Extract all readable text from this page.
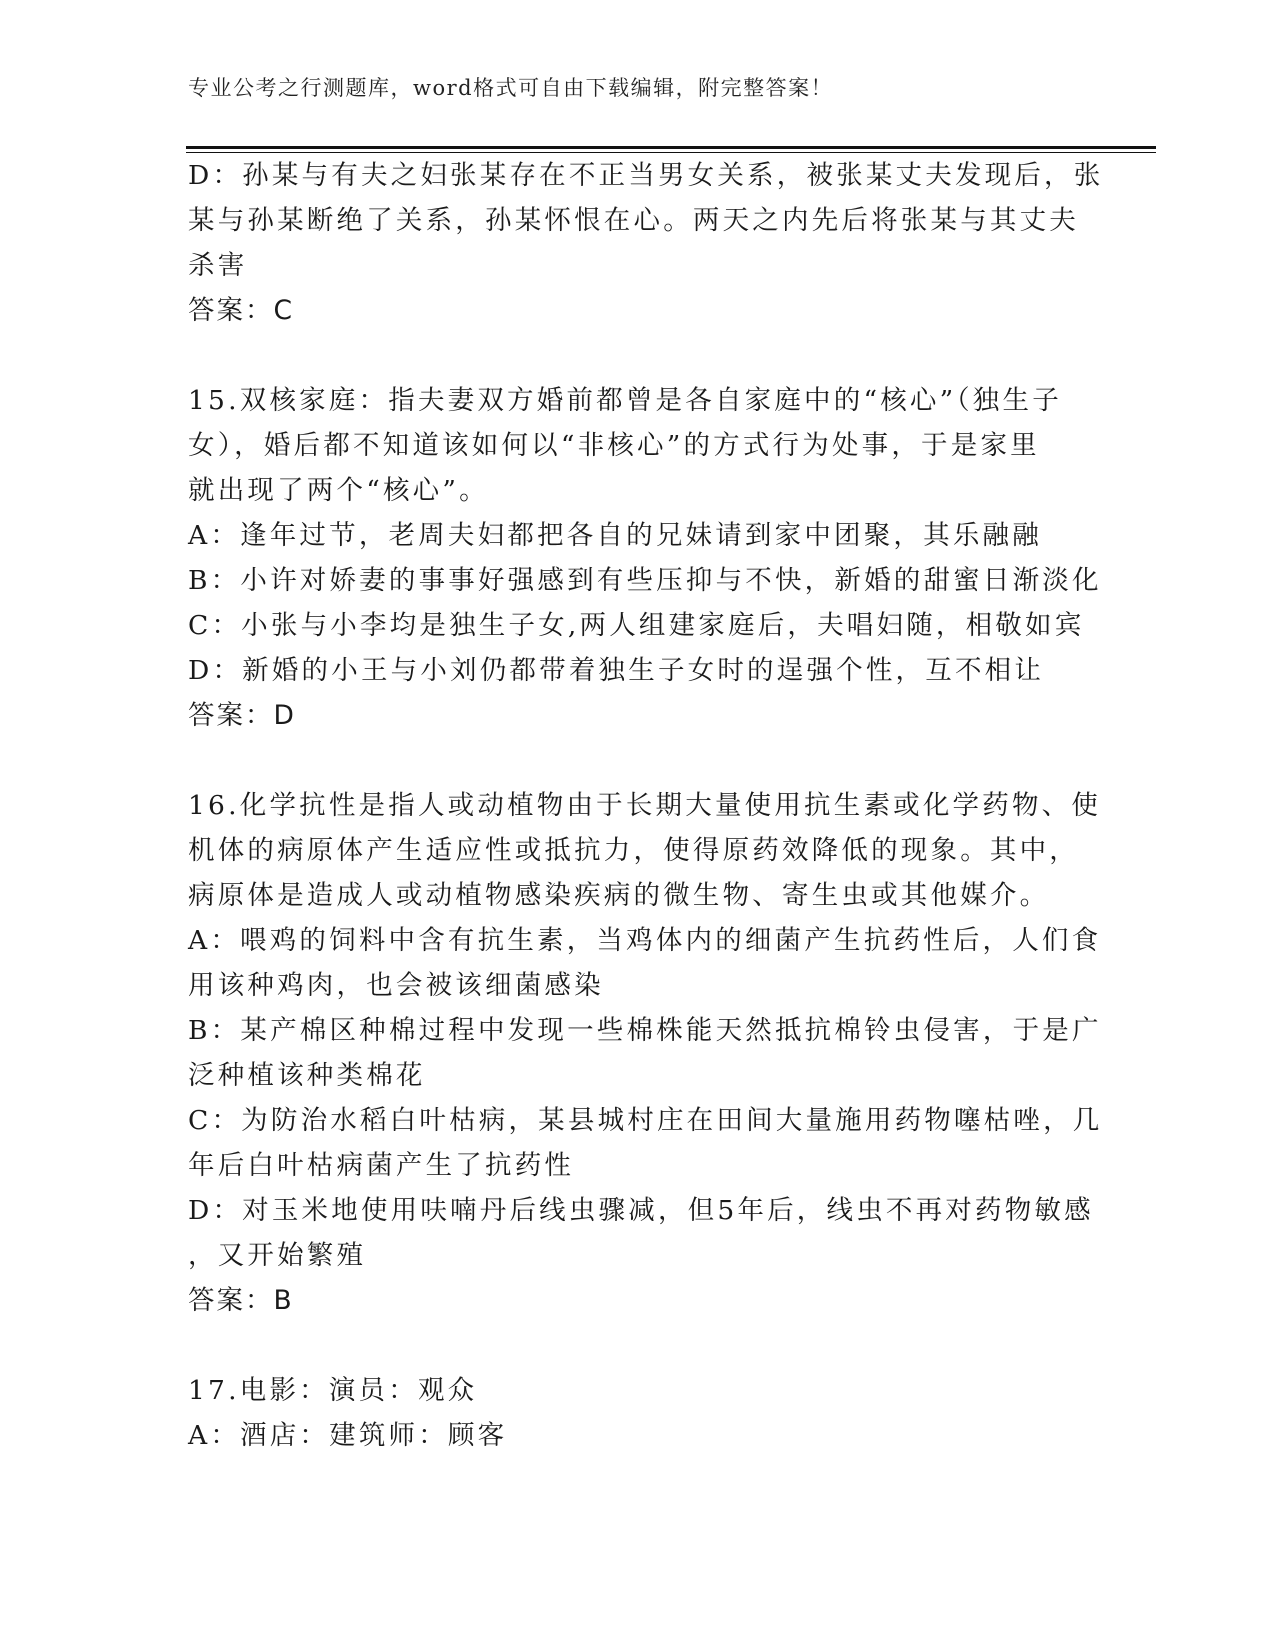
专业公考之行测题库，word格式可自由下载编辑，附完整答案！
D：孙某与有夫之妇张某存在不正当男女关系，被张某丈夫发现后，张
某与孙某断绝了关系，孙某怀恨在心。两天之内先后将张某与其丈夫
杀害
答案：C
15.双核家庭：指夫妻双方婚前都曾是各自家庭中的“核心”（独生子
女），婚后都不知道该如何以“非核心”的方式行为处事，于是家里
就出现了两个“核心”。
A：逢年过节，老周夫妇都把各自的兄妹请到家中团聚，其乐融融
B：小许对娇妻的事事好强感到有些压抑与不快，新婚的甜蜜日渐淡化
C：小张与小李均是独生子女,两人组建家庭后，夫唱妇随，相敬如宾
D：新婚的小王与小刘仍都带着独生子女时的逞强个性，互不相让
答案：D
16.化学抗性是指人或动植物由于长期大量使用抗生素或化学药物、使
机体的病原体产生适应性或抵抗力，使得原药效降低的现象。其中，
病原体是造成人或动植物感染疾病的微生物、寄生虫或其他媒介。
A：喂鸡的饲料中含有抗生素，当鸡体内的细菌产生抗药性后，人们食
用该种鸡肉，也会被该细菌感染
B：某产棉区种棉过程中发现一些棉株能天然抵抗棉铃虫侵害，于是广
泛种植该种类棉花
C：为防治水稻白叶枯病，某县城村庄在田间大量施用药物噻枯唑，几
年后白叶枯病菌产生了抗药性
D：对玉米地使用呋喃丹后线虫骤减，但5年后，线虫不再对药物敏感
，又开始繁殖
答案：B
17.电影：演员：观众
A：酒店：建筑师：顾客
